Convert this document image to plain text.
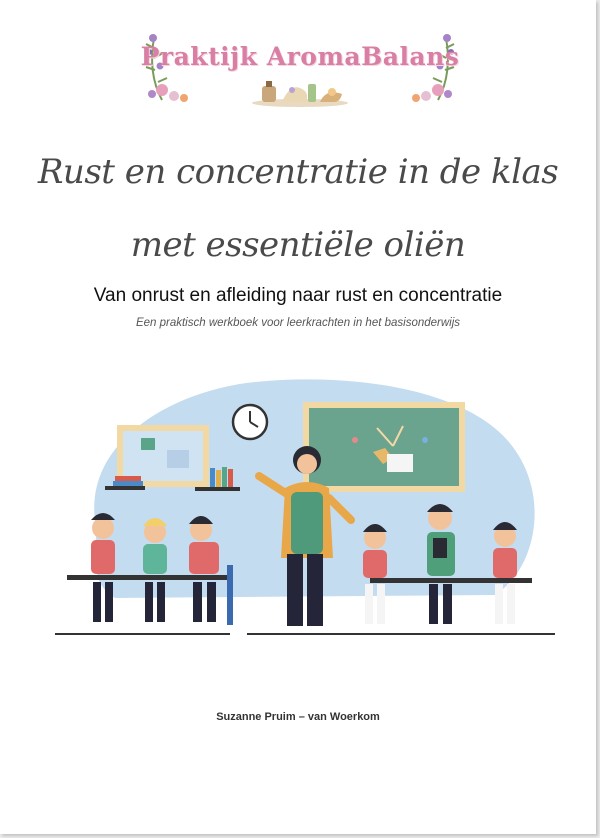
Praktijk AromaBalans
Rust en concentratie in de klas
met essentiële oliën
Van onrust en afleiding naar rust en concentratie
Een praktisch werkboek voor leerkrachten in het basisonderwijs
Suzanne Pruim – van Woerkom
